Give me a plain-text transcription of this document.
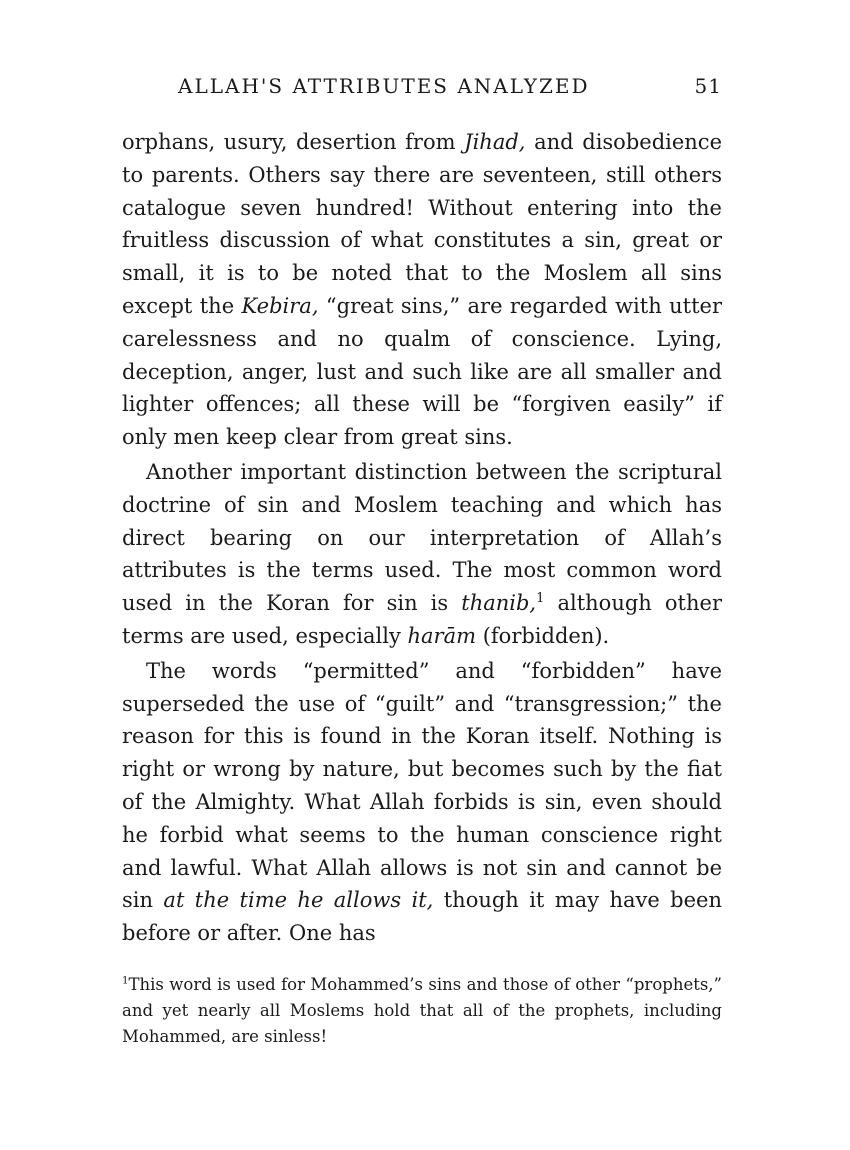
ALLAH'S ATTRIBUTES ANALYZED	51

orphans, usury, desertion from Jihad, and disobedience to parents. Others say there are seventeen, still others catalogue seven hundred! Without entering into the fruitless discussion of what constitutes a sin, great or small, it is to be noted that to the Moslem all sins except the Kebira, “great sins,” are regarded with utter carelessness and no qualm of conscience. Lying, deception, anger, lust and such like are all smaller and lighter offences; all these will be “forgiven easily” if only men keep clear from great sins.

Another important distinction between the scriptural doctrine of sin and Moslem teaching and which has direct bearing on our interpretation of Allah’s attributes is the terms used. The most common word used in the Koran for sin is thanib,$^1$ although other terms are used, especially harām (forbidden).

The words “permitted” and “forbidden” have superseded the use of “guilt” and “transgression;” the reason for this is found in the Koran itself. Nothing is right or wrong by nature, but becomes such by the fiat of the Almighty. What Allah forbids is sin, even should he forbid what seems to the human conscience right and lawful. What Allah allows is not sin and cannot be sin at the time he allows it, though it may have been before or after. One has

$^1$This word is used for Mohammed’s sins and those of other “prophets,” and yet nearly all Moslems hold that all of the prophets, including Mohammed, are sinless!
